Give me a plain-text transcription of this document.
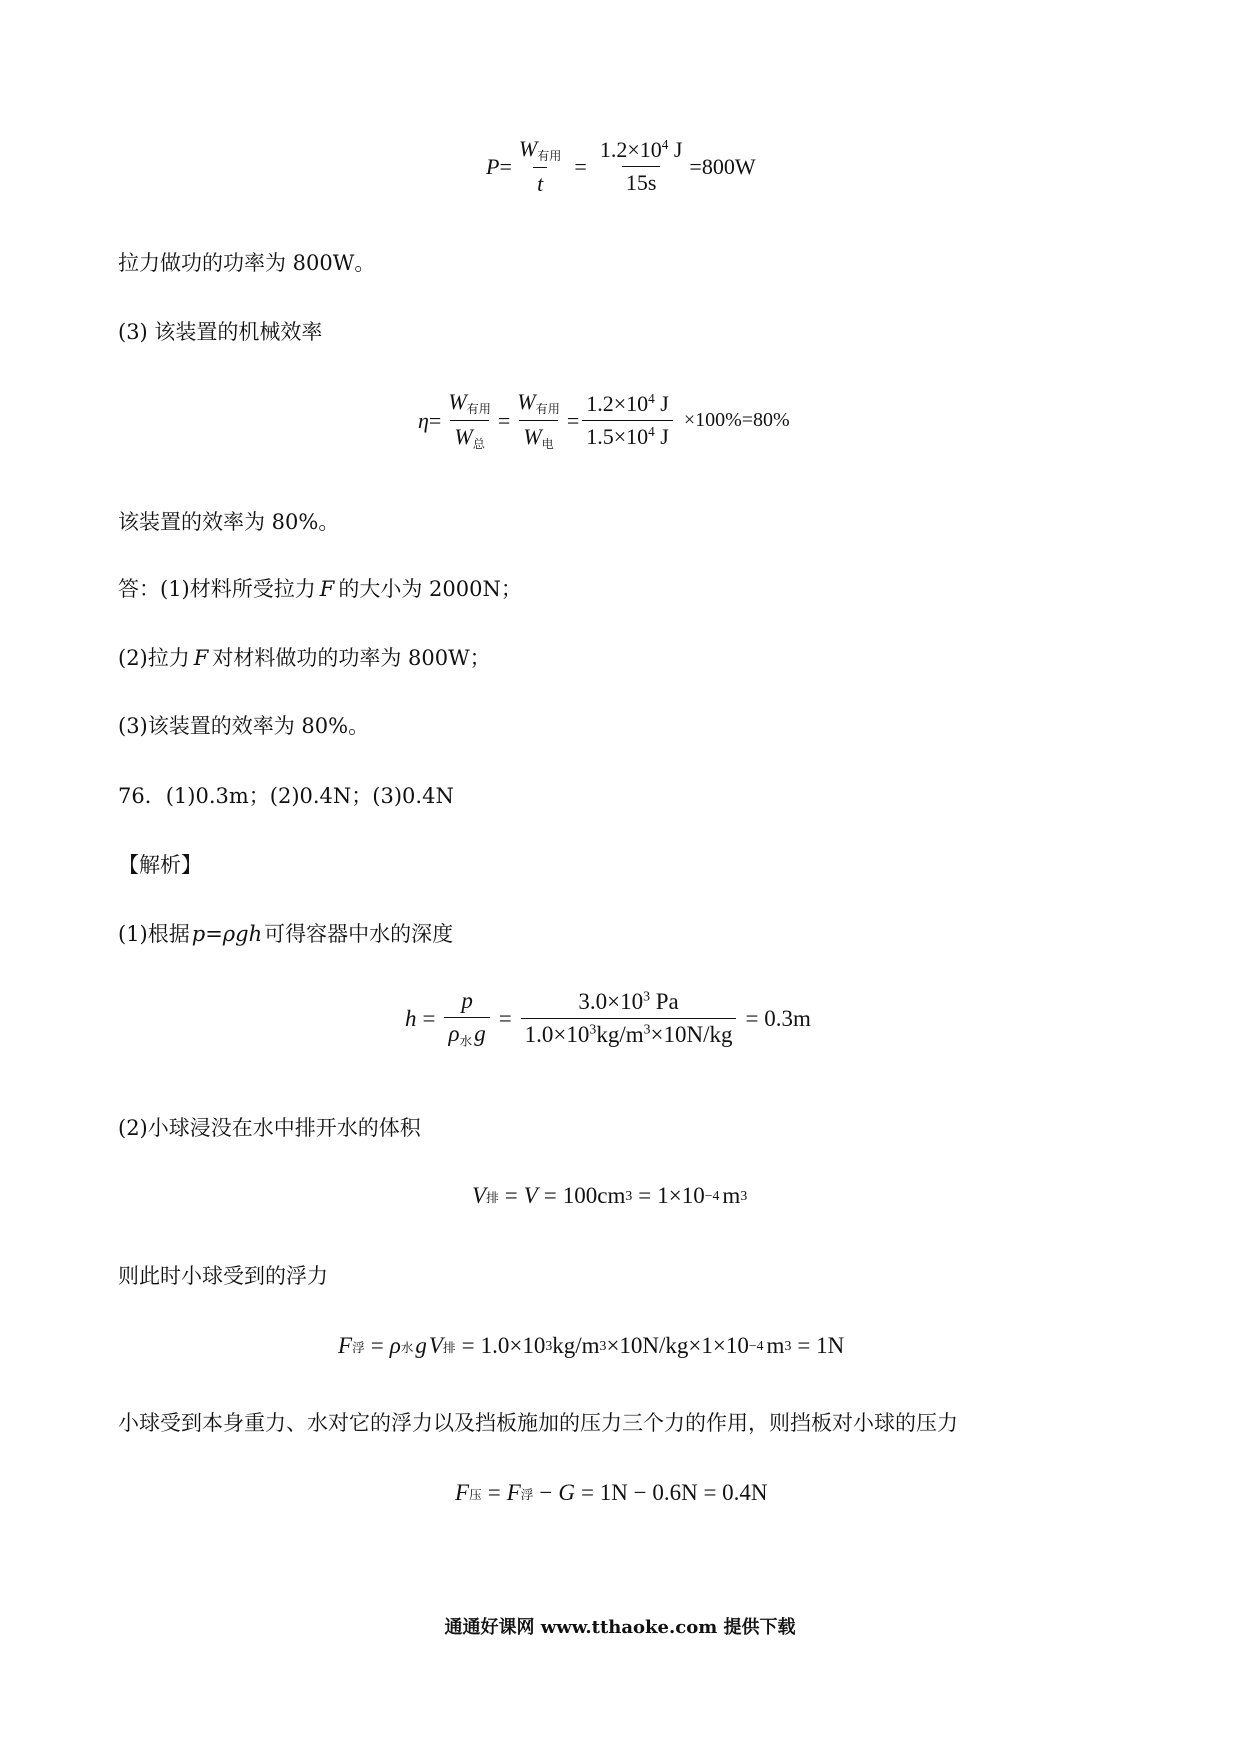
$P = \frac{W_{有用}}{t} = \frac{1.2\times 10^4 J}{15s} =800W$
拉力做功的功率为 800W。
(3) 该装置的机械效率
$\eta = \frac{W_{有用}}{W_总} = \frac{W_{有用}}{W_电} = \frac{1.2\times 10^4 J}{1.5\times 10^4 J} \times 100\%=80\%$
该装置的效率为 80%。
答：(1)材料所受拉力 F 的大小为 2000N；
(2)拉力 F 对材料做功的功率为 800W；
(3)该装置的效率为 80%。
76．(1)0.3m；(2)0.4N；(3)0.4N
【解析】
(1)根据p=ρgh可得容器中水的深度
$h = \frac{p}{\rho_水g} = \frac{3.0\times 10^3 Pa}{1.0\times 10^3kg/m^3\times 10N/kg} = 0.3m$
(2)小球浸没在水中排开水的体积
V 排 = V = 100cm 3 = 1×10 −4 m 3
则此时小球受到的浮力
F 浮 = ρ 水 g V 排 = 1.0×10 3 kg/m 3 ×10N/kg×1×10 −4 m 3 = 1N
小球受到本身重力、水对它的浮力以及挡板施加的压力三个力的作用，则挡板对小球的压力
F 压 = F 浮 − G = 1N − 0.6N = 0.4N
通通好课网 www.tthaoke.com 提供下载
